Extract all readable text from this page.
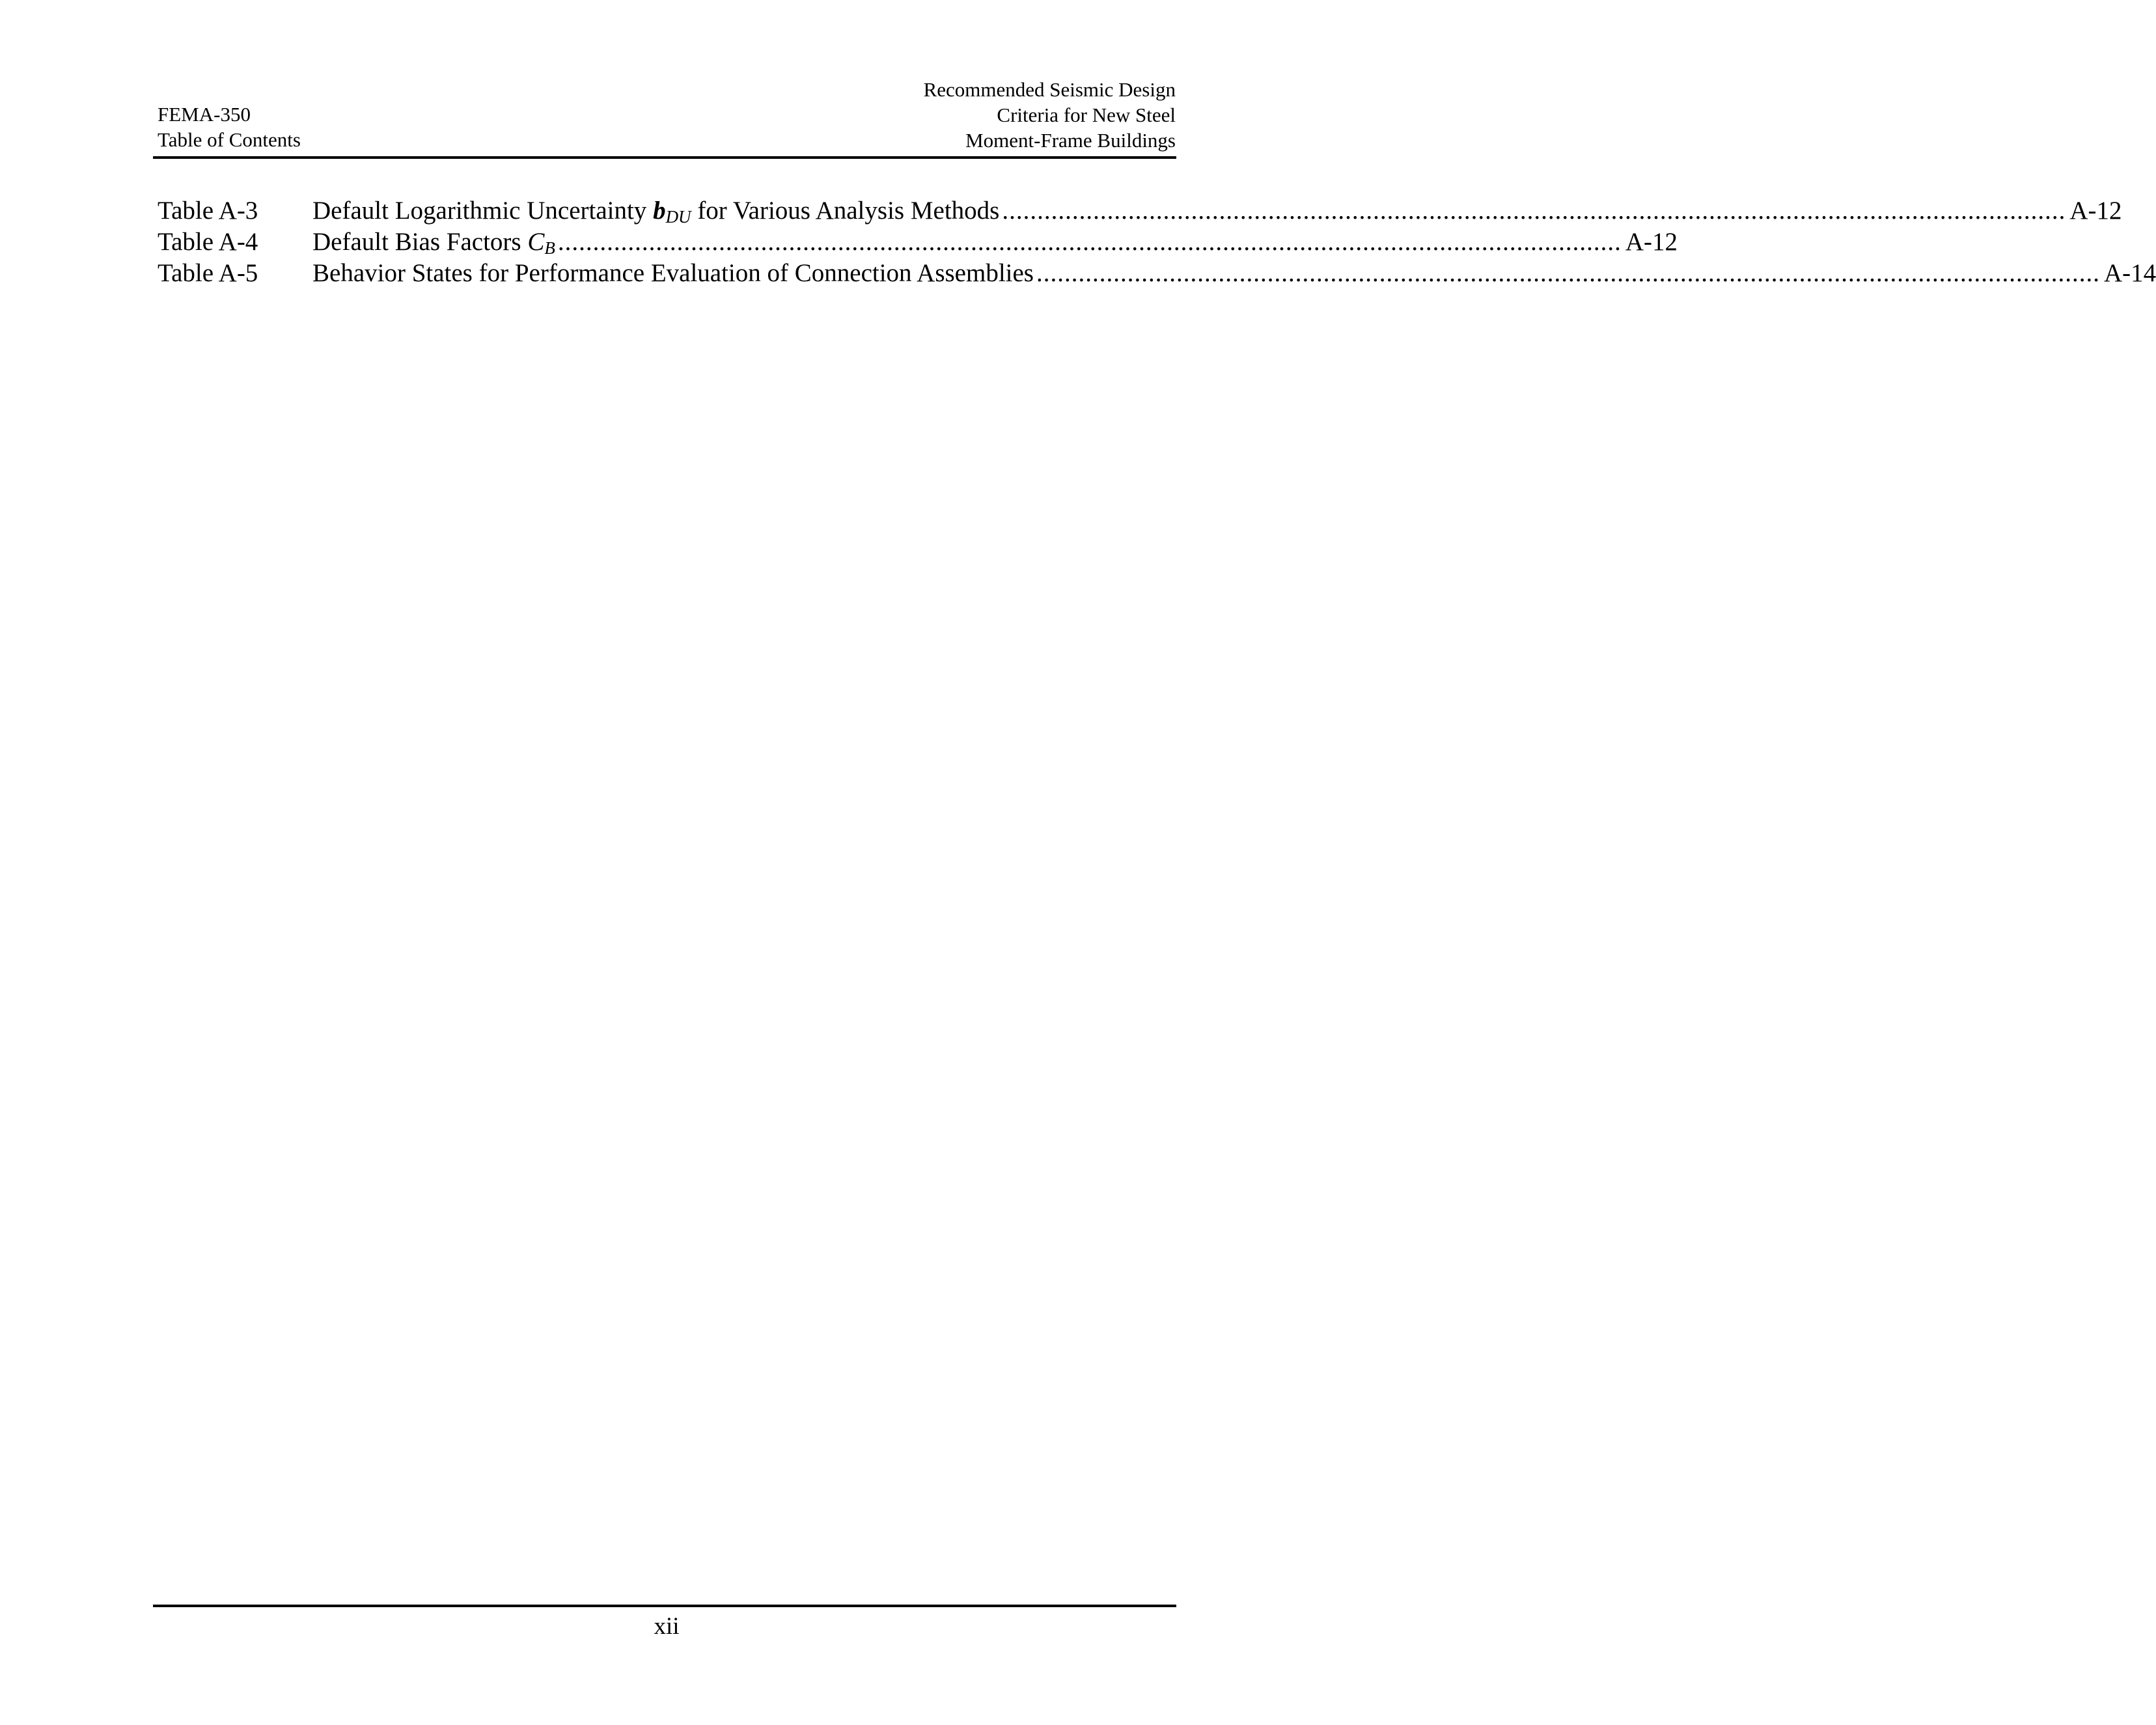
FEMA-350
Table of Contents
Recommended Seismic Design
Criteria for New Steel
Moment-Frame Buildings
Table A-3	Default Logarithmic Uncertainty $b_{DU}$ for Various Analysis Methods ........................................................................................................................................................ A-12
Table A-4	Default Bias Factors $C_B$ ........................................................................................................................................................ A-12
Table A-5	Behavior States for Performance Evaluation of Connection Assemblies ........................................................................................................................................................ A-14
xii
